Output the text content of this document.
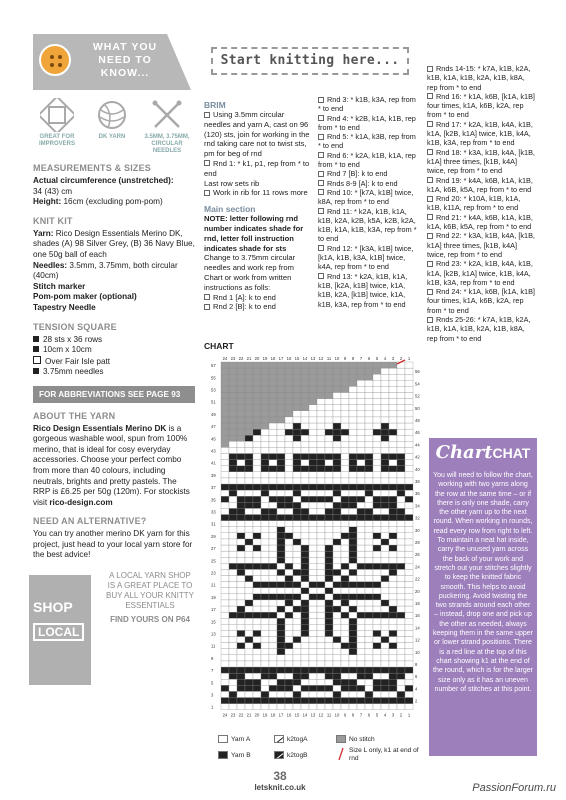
WHAT YOU NEED TO KNOW...
GREAT FOR IMPROVERS
DK YARN	3.5MM, 3.75MM, CIRCULAR NEEDLES
MEASUREMENTS & SIZES
Actual circumference (unstretched):
34 (43) cm
Height: 16cm (excluding pom-pom)
KNIT KIT
Yarn: Rico Design Essentials Merino DK, shades (A) 98 Silver Grey, (B) 36 Navy Blue, one 50g ball of each
Needles: 3.5mm, 3.75mm, both circular (40cm)
Stitch marker
Pom-pom maker (optional)
Tapestry Needle
TENSION SQUARE
28 sts x 36 rows
10cm x 10cm
Over Fair Isle patt
3.75mm needles
FOR ABBREVIATIONS SEE PAGE 93
ABOUT THE YARN
Rico Design Essentials Merino DK is a gorgeous washable wool, spun from 100% merino, that is ideal for cosy everyday accessories. Choose your perfect combo from more than 40 colours, including neutrals, brights and pretty pastels. The RRP is £6.25 per 50g (120m). For stockists visit rico-design.com
NEED AN ALTERNATIVE?
You can try another merino DK yarn for this project, just head to your local yarn store for the best advice!
SHOP
LOCAL
A LOCAL YARN SHOP IS A GREAT PLACE TO BUY ALL YOUR KNITTY ESSENTIALS
FIND YOURS ON P64
Start knitting here...
BRIM
Using 3.5mm circular needles and yarn A, cast on 96 (120) sts, join for working in the rnd taking care not to twist sts, pm for beg of rnd
Rnd 1: * k1, p1, rep from * to end
Last row sets rib
Work in rib for 11 rows more
Main section
NOTE: letter following rnd number indicates shade for rnd, letter foll instruction indicates shade for sts
Change to 3.75mm circular needles and work rep from Chart or work from written instructions as folls:
Rnd 1 [A]: k to end
Rnd 2 [B]: k to end
Rnd 3: * k1B, k3A, rep from * to end
Rnd 4: * k2B, k1A, k1B, rep from * to end
Rnd 5: * k1A, k3B, rep from * to end
Rnd 6: * k2A, k1B, k1A, rep from * to end
Rnd 7 [B]: k to end
Rnds 8-9 [A]: k to end
Rnd 10: * [k7A, k1B] twice, k8A, rep from * to end
Rnd 11: * k2A, k1B, k1A, k1B, k2A, k2B, k5A, k2B, k2A, k1B, k1A, k1B, k3A, rep from * to end
Rnd 12: * [k3A, k1B] twice, [k1A, k1B, k3A, k1B] twice, k4A, rep from * to end
Rnd 13: * k2A, k1B, k1A, k1B, [k2A, k1B] twice, k1A, k1B, k2A, [k1B] twice, k1A, k1B, k3A, rep from * to end
Rnds 14-15: * k7A, k1B, k2A, k1B, k1A, k1B, k2A, k1B, k8A, rep from * to end
Rnd 16: * k1A, k6B, [k1A, k1B] four times, k1A, k6B, k2A, rep from * to end
Rnd 17: * k2A, k1B, k4A, k1B, k1A, [k2B, k1A] twice, k1B, k4A, k1B, k3A, rep from * to end
Rnd 18: * k3A, k1B, k4A, [k1B, k1A] three times, [k1B, k4A] twice, rep from * to end
Rnd 19: * k4A, k6B, k1A, k1B, k1A, k6B, k5A, rep from * to end
Rnd 20: * k10A, k1B, k1A, k1B, k11A, rep from * to end
Rnd 21: * k4A, k6B, k1A, k1B, k1A, k6B, k5A, rep from * to end
Rnd 22: * k3A, k1B, k4A, [k1B, k1A] three times, [k1B, k4A] twice, rep from * to end
Rnd 23: * k2A, k1B, k4A, k1B, k1A, [k2B, k1A] twice, k1B, k4A, k1B, k3A, rep from * to end
Rnd 24: * k1A, k6B, [k1A, k1B] four times, k1A, k6B, k2A, rep from * to end
Rnds 25-26: * k7A, k1B, k2A, k1B, k1A, k1B, k2A, k1B, k8A, rep from * to end
CHART
24
24
23
23
22
22
21
21
20
20
19
19
18
18
17
17
16
16
15
15
14
14
13
13
12
12
11
11
10
10
9
9
8
8
7
7
6
6
5
5
4
4
3
3
2
2
1
1
57
55
53
51
49
47
45
43
41
39
37
35
33
31
29
27
25
23
21
19
17
15
13
11
9
7
5
3
1
56
54
52
50
48
46
44
42
40
38
36
34
32
30
28
26
24
22
20
18
16
14
12
10
8
6
4
2
Yarn A
Yarn B
k2togA
k2togB
No stitch
Size L only, k1 at end of rnd
ChartCHAT
You will need to follow the chart, working with two yarns along the row at the same time – or if there is only one shade, carry the other yarn up to the next round. When working in rounds, read every row from right to left. To maintain a neat hat inside, carry the unused yarn across the back of your work and stretch out your stitches slightly to keep the knitted fabric smooth. This helps to avoid puckering. Avoid twisting the two strands around each other – instead, drop one and pick up the other as needed, always keeping them in the same upper or lower strand positions. There is a red line at the top of this chart showing k1 at the end of the round, which is for the larger size only as it has an uneven number of stitches at this point.
38
letsknit.co.uk	PassionForum.ru
